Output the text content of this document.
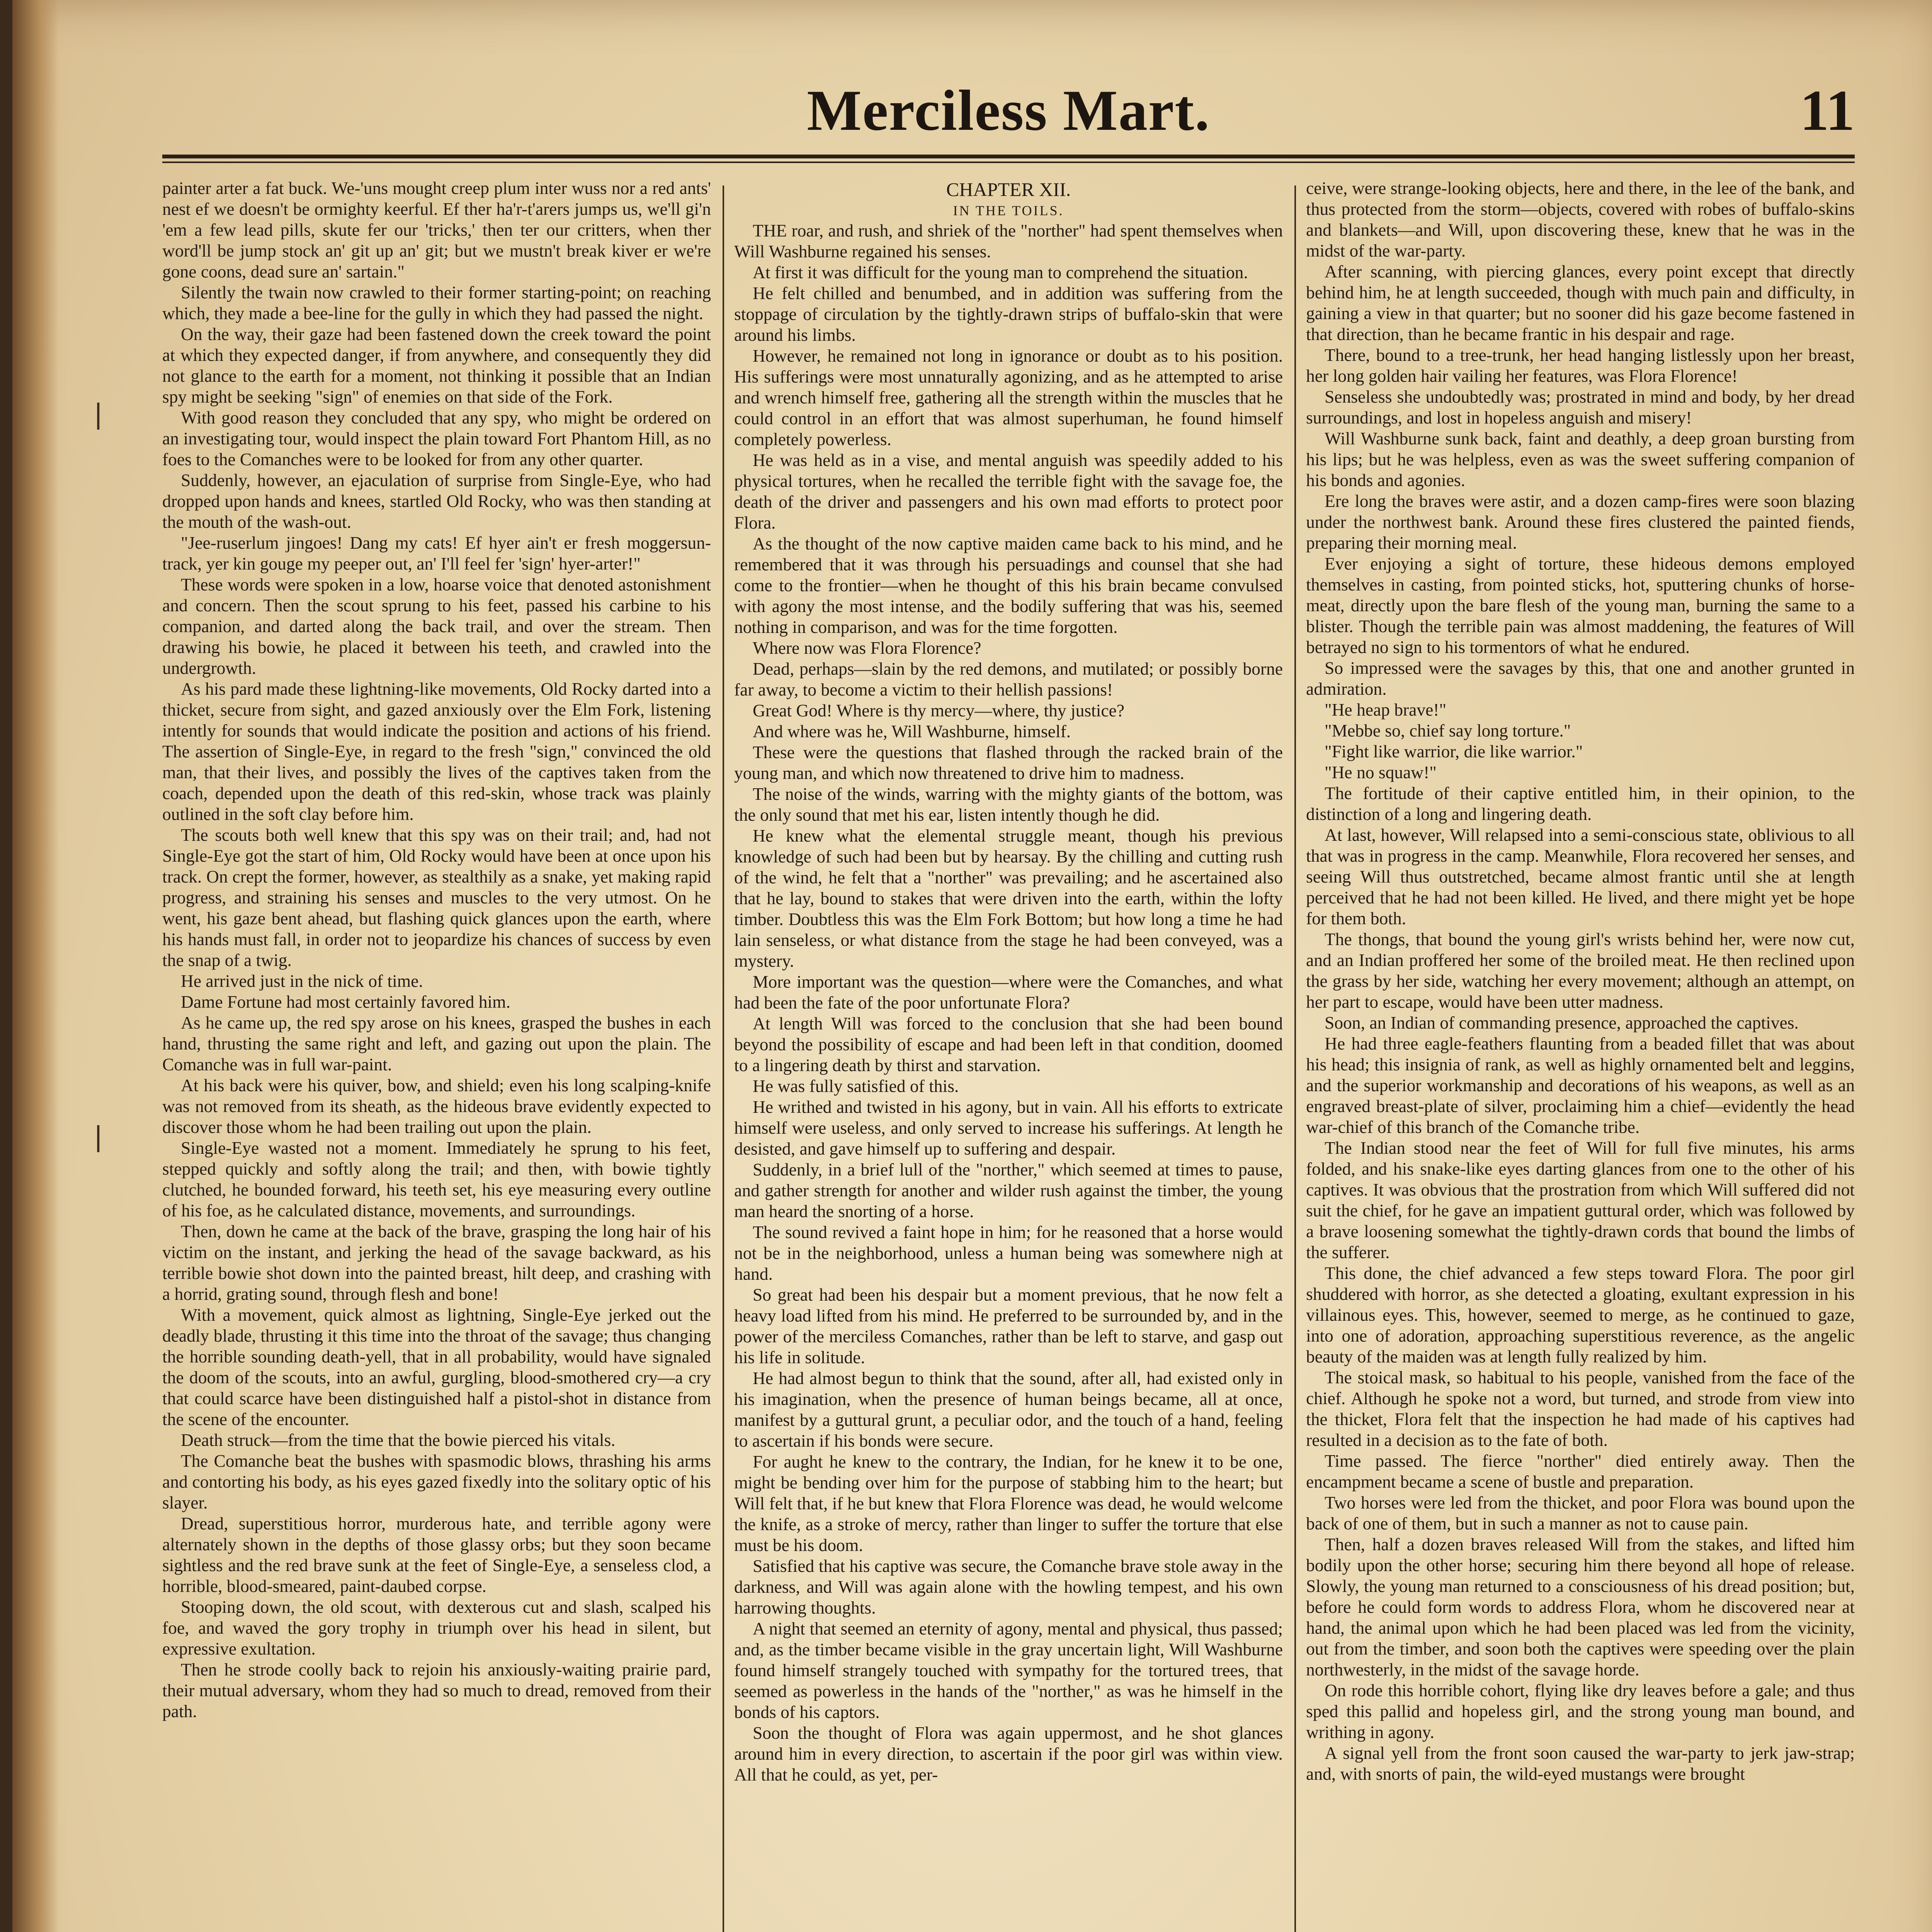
Merciless Mart.	11

painter arter a fat buck. We-'uns mought creep plum inter wuss nor a red ants' nest ef we doesn't be ormighty keerful. Ef ther ha'r-t'arers jumps us, we'll gi'n 'em a few lead pills, skute fer our 'tricks,' then ter our critters, when ther word'll be jump stock an' git up an' git; but we mustn't break kiver er we're gone coons, dead sure an' sartain."

Silently the twain now crawled to their former starting-point; on reaching which, they made a bee-line for the gully in which they had passed the night.

On the way, their gaze had been fastened down the creek toward the point at which they expected danger, if from anywhere, and consequently they did not glance to the earth for a moment, not thinking it possible that an Indian spy might be seeking "sign" of enemies on that side of the Fork.

With good reason they concluded that any spy, who might be ordered on an investigating tour, would inspect the plain toward Fort Phantom Hill, as no foes to the Comanches were to be looked for from any other quarter.

Suddenly, however, an ejaculation of surprise from Single-Eye, who had dropped upon hands and knees, startled Old Rocky, who was then standing at the mouth of the wash-out.

"Jee-ruserlum jingoes! Dang my cats! Ef hyer ain't er fresh moggersun-track, yer kin gouge my peeper out, an' I'll feel fer 'sign' hyer-arter!"

These words were spoken in a low, hoarse voice that denoted astonishment and concern. Then the scout sprung to his feet, passed his carbine to his companion, and darted along the back trail, and over the stream. Then drawing his bowie, he placed it between his teeth, and crawled into the undergrowth.

As his pard made these lightning-like movements, Old Rocky darted into a thicket, secure from sight, and gazed anxiously over the Elm Fork, listening intently for sounds that would indicate the position and actions of his friend. The assertion of Single-Eye, in regard to the fresh "sign," convinced the old man, that their lives, and possibly the lives of the captives taken from the coach, depended upon the death of this red-skin, whose track was plainly outlined in the soft clay before him.

The scouts both well knew that this spy was on their trail; and, had not Single-Eye got the start of him, Old Rocky would have been at once upon his track. On crept the former, however, as stealthily as a snake, yet making rapid progress, and straining his senses and muscles to the very utmost. On he went, his gaze bent ahead, but flashing quick glances upon the earth, where his hands must fall, in order not to jeopardize his chances of success by even the snap of a twig.

He arrived just in the nick of time.

Dame Fortune had most certainly favored him.

As he came up, the red spy arose on his knees, grasped the bushes in each hand, thrusting the same right and left, and gazing out upon the plain. The Comanche was in full war-paint.

At his back were his quiver, bow, and shield; even his long scalping-knife was not removed from its sheath, as the hideous brave evidently expected to discover those whom he had been trailing out upon the plain.

Single-Eye wasted not a moment. Immediately he sprung to his feet, stepped quickly and softly along the trail; and then, with bowie tightly clutched, he bounded forward, his teeth set, his eye measuring every outline of his foe, as he calculated distance, movements, and surroundings.

Then, down he came at the back of the brave, grasping the long hair of his victim on the instant, and jerking the head of the savage backward, as his terrible bowie shot down into the painted breast, hilt deep, and crashing with a horrid, grating sound, through flesh and bone!

With a movement, quick almost as lightning, Single-Eye jerked out the deadly blade, thrusting it this time into the throat of the savage; thus changing the horrible sounding death-yell, that in all probability, would have signaled the doom of the scouts, into an awful, gurgling, blood-smothered cry—a cry that could scarce have been distinguished half a pistol-shot in distance from the scene of the encounter.

Death struck—from the time that the bowie pierced his vitals.

The Comanche beat the bushes with spasmodic blows, thrashing his arms and contorting his body, as his eyes gazed fixedly into the solitary optic of his slayer.

Dread, superstitious horror, murderous hate, and terrible agony were alternately shown in the depths of those glassy orbs; but they soon became sightless and the red brave sunk at the feet of Single-Eye, a senseless clod, a horrible, blood-smeared, paint-daubed corpse.

Stooping down, the old scout, with dexterous cut and slash, scalped his foe, and waved the gory trophy in triumph over his head in silent, but expressive exultation.

Then he strode coolly back to rejoin his anxiously-waiting prairie pard, their mutual adversary, whom they had so much to dread, removed from their path.

CHAPTER XII.

IN THE TOILS.

THE roar, and rush, and shriek of the "norther" had spent themselves when Will Washburne regained his senses.

At first it was difficult for the young man to comprehend the situation.

He felt chilled and benumbed, and in addition was suffering from the stoppage of circulation by the tightly-drawn strips of buffalo-skin that were around his limbs.

However, he remained not long in ignorance or doubt as to his position. His sufferings were most unnaturally agonizing, and as he attempted to arise and wrench himself free, gathering all the strength within the muscles that he could control in an effort that was almost superhuman, he found himself completely powerless.

He was held as in a vise, and mental anguish was speedily added to his physical tortures, when he recalled the terrible fight with the savage foe, the death of the driver and passengers and his own mad efforts to protect poor Flora.

As the thought of the now captive maiden came back to his mind, and he remembered that it was through his persuadings and counsel that she had come to the frontier—when he thought of this his brain became convulsed with agony the most intense, and the bodily suffering that was his, seemed nothing in comparison, and was for the time forgotten.

Where now was Flora Florence?

Dead, perhaps—slain by the red demons, and mutilated; or possibly borne far away, to become a victim to their hellish passions!

Great God! Where is thy mercy—where, thy justice?

And where was he, Will Washburne, himself.

These were the questions that flashed through the racked brain of the young man, and which now threatened to drive him to madness.

The noise of the winds, warring with the mighty giants of the bottom, was the only sound that met his ear, listen intently though he did.

He knew what the elemental struggle meant, though his previous knowledge of such had been but by hearsay. By the chilling and cutting rush of the wind, he felt that a "norther" was prevailing; and he ascertained also that he lay, bound to stakes that were driven into the earth, within the lofty timber. Doubtless this was the Elm Fork Bottom; but how long a time he had lain senseless, or what distance from the stage he had been conveyed, was a mystery.

More important was the question—where were the Comanches, and what had been the fate of the poor unfortunate Flora?

At length Will was forced to the conclusion that she had been bound beyond the possibility of escape and had been left in that condition, doomed to a lingering death by thirst and starvation.

He was fully satisfied of this.

He writhed and twisted in his agony, but in vain. All his efforts to extricate himself were useless, and only served to increase his sufferings. At length he desisted, and gave himself up to suffering and despair.

Suddenly, in a brief lull of the "norther," which seemed at times to pause, and gather strength for another and wilder rush against the timber, the young man heard the snorting of a horse.

The sound revived a faint hope in him; for he reasoned that a horse would not be in the neighborhood, unless a human being was somewhere nigh at hand.

So great had been his despair but a moment previous, that he now felt a heavy load lifted from his mind. He preferred to be surrounded by, and in the power of the merciless Comanches, rather than be left to starve, and gasp out his life in solitude.

He had almost begun to think that the sound, after all, had existed only in his imagination, when the presence of human beings became, all at once, manifest by a guttural grunt, a peculiar odor, and the touch of a hand, feeling to ascertain if his bonds were secure.

For aught he knew to the contrary, the Indian, for he knew it to be one, might be bending over him for the purpose of stabbing him to the heart; but Will felt that, if he but knew that Flora Florence was dead, he would welcome the knife, as a stroke of mercy, rather than linger to suffer the torture that else must be his doom.

Satisfied that his captive was secure, the Comanche brave stole away in the darkness, and Will was again alone with the howling tempest, and his own harrowing thoughts.

A night that seemed an eternity of agony, mental and physical, thus passed; and, as the timber became visible in the gray uncertain light, Will Washburne found himself strangely touched with sympathy for the tortured trees, that seemed as powerless in the hands of the "norther," as was he himself in the bonds of his captors.

Soon the thought of Flora was again uppermost, and he shot glances around him in every direction, to ascertain if the poor girl was within view. All that he could, as yet, per-

ceive, were strange-looking objects, here and there, in the lee of the bank, and thus protected from the storm—objects, covered with robes of buffalo-skins and blankets—and Will, upon discovering these, knew that he was in the midst of the war-party.

After scanning, with piercing glances, every point except that directly behind him, he at length succeeded, though with much pain and difficulty, in gaining a view in that quarter; but no sooner did his gaze become fastened in that direction, than he became frantic in his despair and rage.

There, bound to a tree-trunk, her head hanging listlessly upon her breast, her long golden hair vailing her features, was Flora Florence!

Senseless she undoubtedly was; prostrated in mind and body, by her dread surroundings, and lost in hopeless anguish and misery!

Will Washburne sunk back, faint and deathly, a deep groan bursting from his lips; but he was helpless, even as was the sweet suffering companion of his bonds and agonies.

Ere long the braves were astir, and a dozen camp-fires were soon blazing under the northwest bank. Around these fires clustered the painted fiends, preparing their morning meal.

Ever enjoying a sight of torture, these hideous demons employed themselves in casting, from pointed sticks, hot, sputtering chunks of horse-meat, directly upon the bare flesh of the young man, burning the same to a blister. Though the terrible pain was almost maddening, the features of Will betrayed no sign to his tormentors of what he endured.

So impressed were the savages by this, that one and another grunted in admiration.

"He heap brave!"

"Mebbe so, chief say long torture."

"Fight like warrior, die like warrior."

"He no squaw!"

The fortitude of their captive entitled him, in their opinion, to the distinction of a long and lingering death.

At last, however, Will relapsed into a semi-conscious state, oblivious to all that was in progress in the camp. Meanwhile, Flora recovered her senses, and seeing Will thus outstretched, became almost frantic until she at length perceived that he had not been killed. He lived, and there might yet be hope for them both.

The thongs, that bound the young girl's wrists behind her, were now cut, and an Indian proffered her some of the broiled meat. He then reclined upon the grass by her side, watching her every movement; although an attempt, on her part to escape, would have been utter madness.

Soon, an Indian of commanding presence, approached the captives.

He had three eagle-feathers flaunting from a beaded fillet that was about his head; this insignia of rank, as well as highly ornamented belt and leggins, and the superior workmanship and decorations of his weapons, as well as an engraved breast-plate of silver, proclaiming him a chief—evidently the head war-chief of this branch of the Comanche tribe.

The Indian stood near the feet of Will for full five minutes, his arms folded, and his snake-like eyes darting glances from one to the other of his captives. It was obvious that the prostration from which Will suffered did not suit the chief, for he gave an impatient guttural order, which was followed by a brave loosening somewhat the tightly-drawn cords that bound the limbs of the sufferer.

This done, the chief advanced a few steps toward Flora. The poor girl shuddered with horror, as she detected a gloating, exultant expression in his villainous eyes. This, however, seemed to merge, as he continued to gaze, into one of adoration, approaching superstitious reverence, as the angelic beauty of the maiden was at length fully realized by him.

The stoical mask, so habitual to his people, vanished from the face of the chief. Although he spoke not a word, but turned, and strode from view into the thicket, Flora felt that the inspection he had made of his captives had resulted in a decision as to the fate of both.

Time passed. The fierce "norther" died entirely away. Then the encampment became a scene of bustle and preparation.

Two horses were led from the thicket, and poor Flora was bound upon the back of one of them, but in such a manner as not to cause pain.

Then, half a dozen braves released Will from the stakes, and lifted him bodily upon the other horse; securing him there beyond all hope of release. Slowly, the young man returned to a consciousness of his dread position; but, before he could form words to address Flora, whom he discovered near at hand, the animal upon which he had been placed was led from the vicinity, out from the timber, and soon both the captives were speeding over the plain northwesterly, in the midst of the savage horde.

On rode this horrible cohort, flying like dry leaves before a gale; and thus sped this pallid and hopeless girl, and the strong young man bound, and writhing in agony.

A signal yell from the front soon caused the war-party to jerk jaw-strap; and, with snorts of pain, the wild-eyed mustangs were brought

❘
❘
